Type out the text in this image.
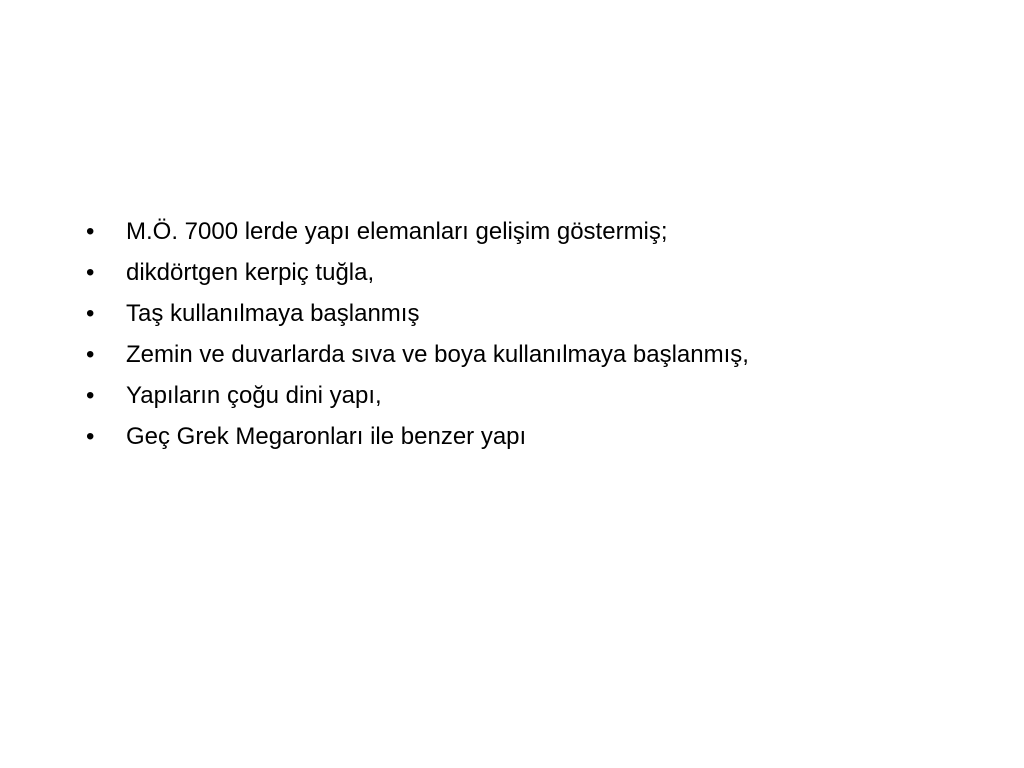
•	M.Ö. 7000 lerde yapı elemanları gelişim göstermiş;
•	dikdörtgen kerpiç tuğla,
•	Taş kullanılmaya başlanmış
•	Zemin ve duvarlarda sıva ve boya kullanılmaya başlanmış,
•	Yapıların çoğu dini yapı,
•	Geç Grek Megaronları ile benzer yapı
